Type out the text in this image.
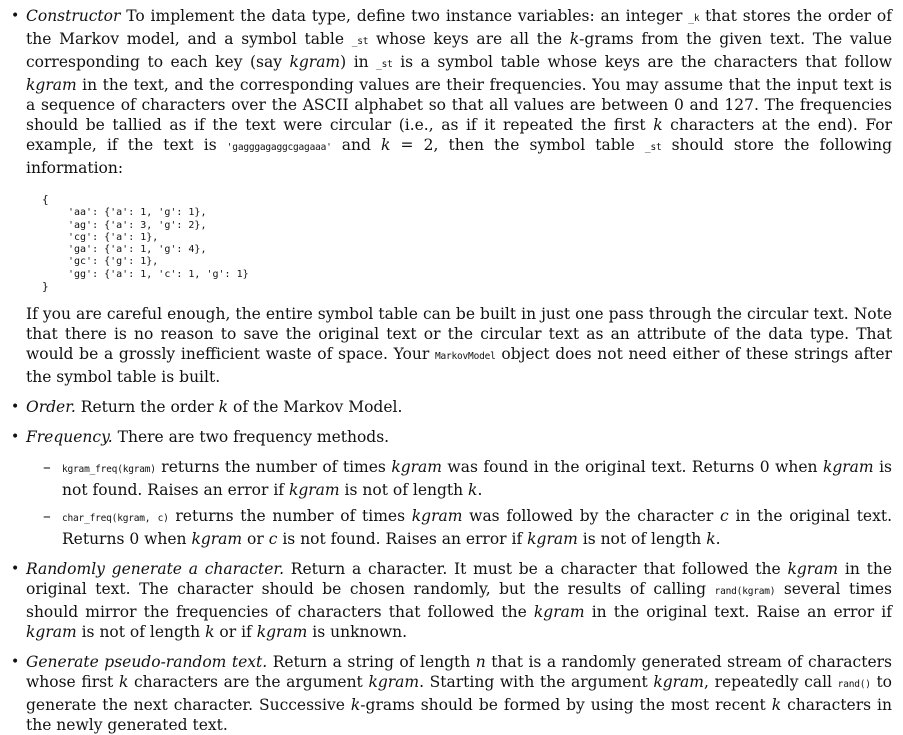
• Constructor To implement the data type, define two instance variables: an integer _k that stores the order of the Markov model, and a symbol table _st whose keys are all the k-grams from the given text. The value corresponding to each key (say kgram) in _st is a symbol table whose keys are the characters that follow kgram in the text, and the corresponding values are their frequencies. You may assume that the input text is a sequence of characters over the ASCII alphabet so that all values are between 0 and 127. The frequencies should be tallied as if the text were circular (i.e., as if it repeated the first k characters at the end). For example, if the text is 'gagggagaggcgagaaa' and k = 2, then the symbol table _st should store the following information:

{

'aa': {'a': 1, 'g': 1},
'ag': {'a': 3, 'g': 2},
'cg': {'a': 1},
'ga': {'a': 1, 'g': 4},
'gc': {'g': 1},
'gg': {'a': 1, 'c': 1, 'g': 1}
}

If you are careful enough, the entire symbol table can be built in just one pass through the circular text. Note that there is no reason to save the original text or the circular text as an attribute of the data type. That would be a grossly inefficient waste of space. Your MarkovModel object does not need either of these strings after the symbol table is built.

• Order. Return the order k of the Markov Model.

• Frequency. There are two frequency methods.

– kgram_freq(kgram) returns the number of times kgram was found in the original text. Returns 0 when kgram is not found. Raises an error if kgram is not of length k.

– char_freq(kgram, c) returns the number of times kgram was followed by the character c in the original text. Returns 0 when kgram or c is not found. Raises an error if kgram is not of length k.

• Randomly generate a character. Return a character. It must be a character that followed the kgram in the original text. The character should be chosen randomly, but the results of calling rand(kgram) several times should mirror the frequencies of characters that followed the kgram in the original text. Raise an error if kgram is not of length k or if kgram is unknown.

• Generate pseudo-random text. Return a string of length n that is a randomly generated stream of characters whose first k characters are the argument kgram. Starting with the argument kgram, repeatedly call rand() to generate the next character. Successive k-grams should be formed by using the most recent k characters in the newly generated text.
